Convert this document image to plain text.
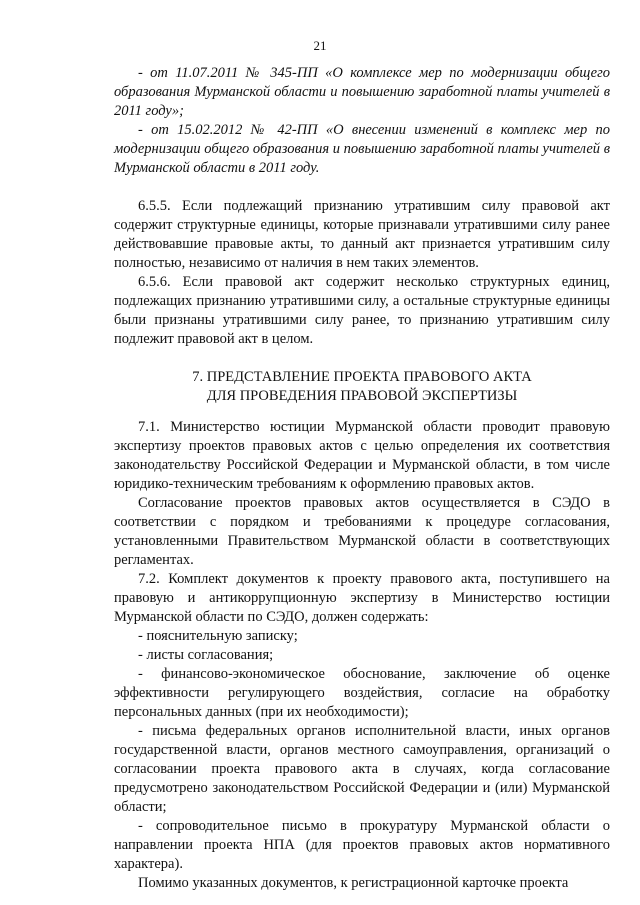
21

- от 11.07.2011 № 345-ПП «О комплексе мер по модернизации общего образования Мурманской области и повышению заработной платы учителей в 2011 году»;

- от 15.02.2012 № 42-ПП «О внесении изменений в комплекс мер по модернизации общего образования и повышению заработной платы учителей в Мурманской области в 2011 году.

6.5.5. Если подлежащий признанию утратившим силу правовой акт содержит структурные единицы, которые признавали утратившими силу ранее действовавшие правовые акты, то данный акт признается утратившим силу полностью, независимо от наличия в нем таких элементов.

6.5.6. Если правовой акт содержит несколько структурных единиц, подлежащих признанию утратившими силу, а остальные структурные единицы были признаны утратившими силу ранее, то признанию утратившим силу подлежит правовой акт в целом.

7. ПРЕДСТАВЛЕНИЕ ПРОЕКТА ПРАВОВОГО АКТА

ДЛЯ ПРОВЕДЕНИЯ ПРАВОВОЙ ЭКСПЕРТИЗЫ

7.1. Министерство юстиции Мурманской области проводит правовую экспертизу проектов правовых актов с целью определения их соответствия законодательству Российской Федерации и Мурманской области, в том числе юридико-техническим требованиям к оформлению правовых актов.

Согласование проектов правовых актов осуществляется в СЭДО в соответствии с порядком и требованиями к процедуре согласования, установленными Правительством Мурманской области в соответствующих регламентах.

7.2. Комплект документов к проекту правового акта, поступившего на правовую и антикоррупционную экспертизу в Министерство юстиции Мурманской области по СЭДО, должен содержать:

- пояснительную записку;

- листы согласования;

- финансово-экономическое обоснование, заключение об оценке эффективности регулирующего воздействия, согласие на обработку персональных данных (при их необходимости);

- письма федеральных органов исполнительной власти, иных органов государственной власти, органов местного самоуправления, организаций о согласовании проекта правового акта в случаях, когда согласование предусмотрено законодательством Российской Федерации и (или) Мурманской области;

- сопроводительное письмо в прокуратуру Мурманской области о направлении проекта НПА (для проектов правовых актов нормативного характера).

Помимо указанных документов, к регистрационной карточке проекта
